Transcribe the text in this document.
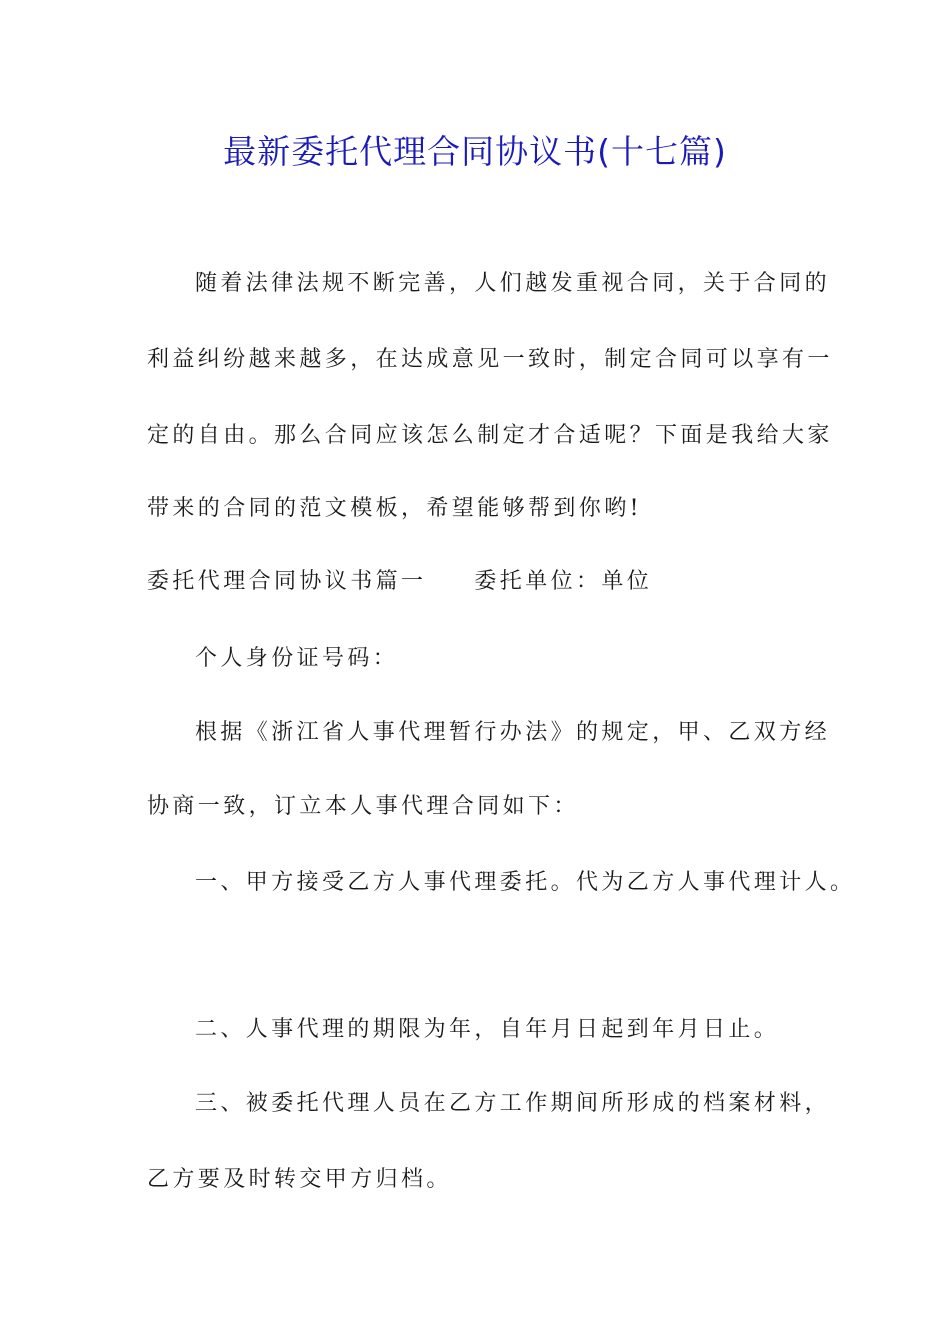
最新委托代理合同协议书(十七篇)
随着法律法规不断完善，人们越发重视合同，关于合同的
利益纠纷越来越多，在达成意见一致时，制定合同可以享有一
定的自由。那么合同应该怎么制定才合适呢？下面是我给大家
带来的合同的范文模板，希望能够帮到你哟!
委托代理合同协议书篇一 委托单位：单位
个人身份证号码：
根据《浙江省人事代理暂行办法》的规定，甲、乙双方经
协商一致，订立本人事代理合同如下：
一、甲方接受乙方人事代理委托。代为乙方人事代理计人。
二、人事代理的期限为年，自年月日起到年月日止。
三、被委托代理人员在乙方工作期间所形成的档案材料，
乙方要及时转交甲方归档。
